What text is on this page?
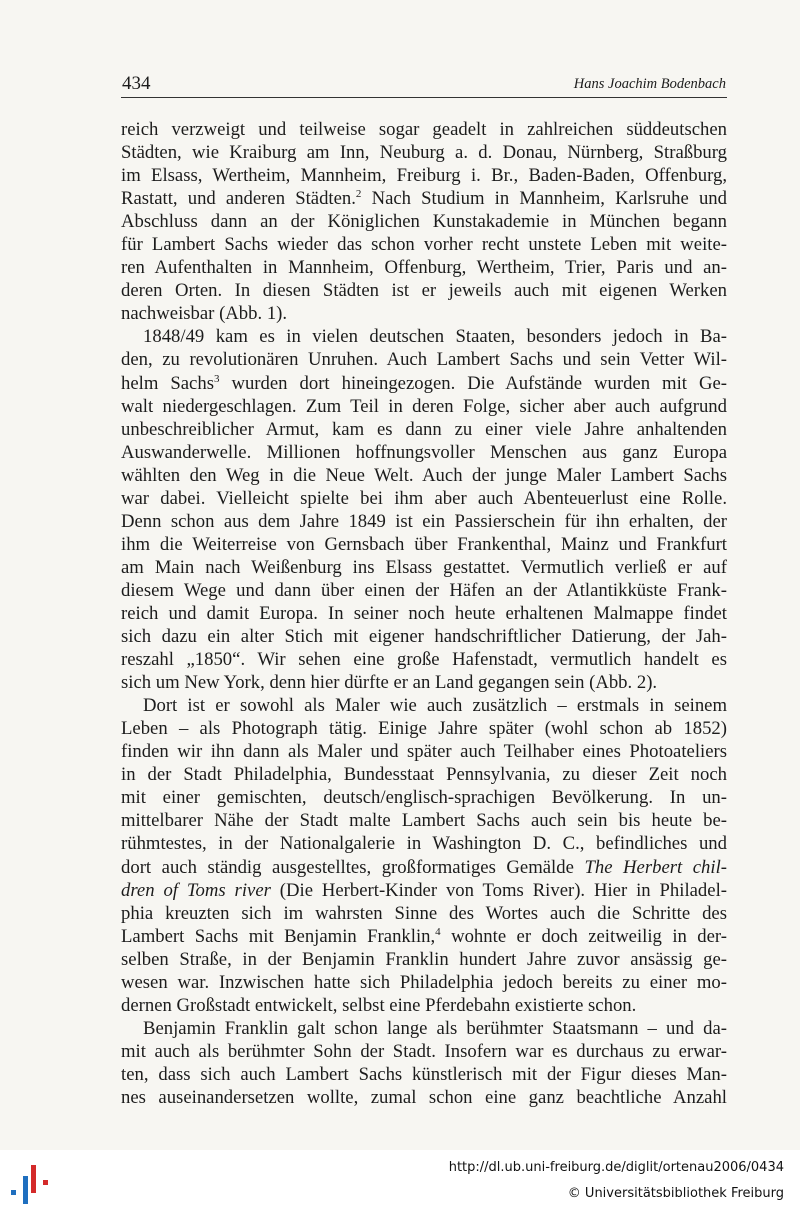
434	Hans Joachim Bodenbach
reich verzweigt und teilweise sogar geadelt in zahlreichen süddeutschen
Städten, wie Kraiburg am Inn, Neuburg a. d. Donau, Nürnberg, Straßburg
im Elsass, Wertheim, Mannheim, Freiburg i. Br., Baden-Baden, Offenburg,
Rastatt, und anderen Städten.$^2$ Nach Studium in Mannheim, Karlsruhe und
Abschluss dann an der Königlichen Kunstakademie in München begann
für Lambert Sachs wieder das schon vorher recht unstete Leben mit weite-
ren Aufenthalten in Mannheim, Offenburg, Wertheim, Trier, Paris und an-
deren Orten. In diesen Städten ist er jeweils auch mit eigenen Werken
nachweisbar (Abb. 1).
1848/49 kam es in vielen deutschen Staaten, besonders jedoch in Ba-
den, zu revolutionären Unruhen. Auch Lambert Sachs und sein Vetter Wil-
helm Sachs$^3$ wurden dort hineingezogen. Die Aufstände wurden mit Ge-
walt niedergeschlagen. Zum Teil in deren Folge, sicher aber auch aufgrund
unbeschreiblicher Armut, kam es dann zu einer viele Jahre anhaltenden
Auswanderwelle. Millionen hoffnungsvoller Menschen aus ganz Europa
wählten den Weg in die Neue Welt. Auch der junge Maler Lambert Sachs
war dabei. Vielleicht spielte bei ihm aber auch Abenteuerlust eine Rolle.
Denn schon aus dem Jahre 1849 ist ein Passierschein für ihn erhalten, der
ihm die Weiterreise von Gernsbach über Frankenthal, Mainz und Frankfurt
am Main nach Weißenburg ins Elsass gestattet. Vermutlich verließ er auf
diesem Wege und dann über einen der Häfen an der Atlantikküste Frank-
reich und damit Europa. In seiner noch heute erhaltenen Malmappe findet
sich dazu ein alter Stich mit eigener handschriftlicher Datierung, der Jah-
reszahl „1850“. Wir sehen eine große Hafenstadt, vermutlich handelt es
sich um New York, denn hier dürfte er an Land gegangen sein (Abb. 2).
Dort ist er sowohl als Maler wie auch zusätzlich – erstmals in seinem
Leben – als Photograph tätig. Einige Jahre später (wohl schon ab 1852)
finden wir ihn dann als Maler und später auch Teilhaber eines Photoateliers
in der Stadt Philadelphia, Bundesstaat Pennsylvania, zu dieser Zeit noch
mit einer gemischten, deutsch/englisch-sprachigen Bevölkerung. In un-
mittelbarer Nähe der Stadt malte Lambert Sachs auch sein bis heute be-
rühmtestes, in der Nationalgalerie in Washington D. C., befindliches und
dort auch ständig ausgestelltes, großformatiges Gemälde The Herbert chil-
dren of Toms river (Die Herbert-Kinder von Toms River). Hier in Philadel-
phia kreuzten sich im wahrsten Sinne des Wortes auch die Schritte des
Lambert Sachs mit Benjamin Franklin,$^4$ wohnte er doch zeitweilig in der-
selben Straße, in der Benjamin Franklin hundert Jahre zuvor ansässig ge-
wesen war. Inzwischen hatte sich Philadelphia jedoch bereits zu einer mo-
dernen Großstadt entwickelt, selbst eine Pferdebahn existierte schon.
Benjamin Franklin galt schon lange als berühmter Staatsmann – und da-
mit auch als berühmter Sohn der Stadt. Insofern war es durchaus zu erwar-
ten, dass sich auch Lambert Sachs künstlerisch mit der Figur dieses Man-
nes auseinandersetzen wollte, zumal schon eine ganz beachtliche Anzahl
http://dl.ub.uni-freiburg.de/diglit/ortenau2006/0434
© Universitätsbibliothek Freiburg
